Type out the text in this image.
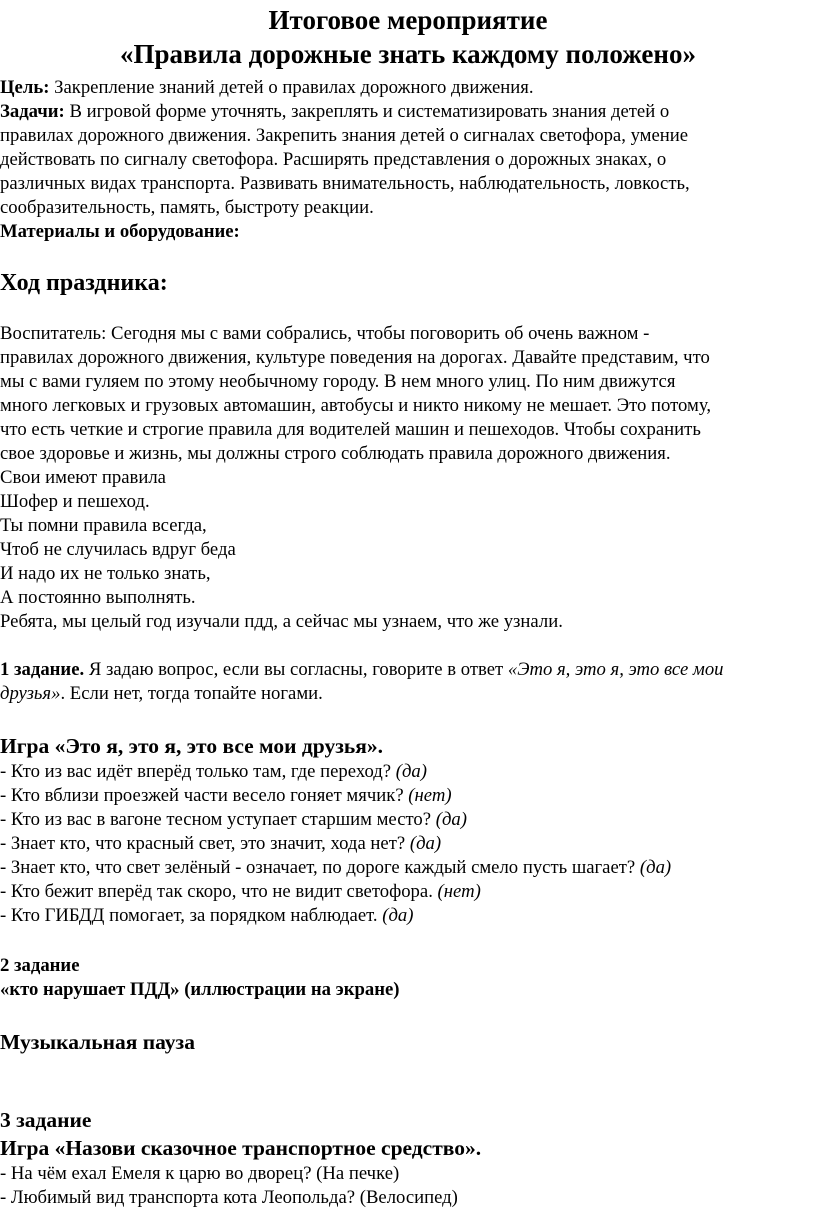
Итоговое мероприятие
«Правила дорожные знать каждому положено»
Цель: Закрепление знаний детей о правилах дорожного движения.
Задачи: В игровой форме уточнять, закреплять и систематизировать знания детей о
правилах дорожного движения. Закрепить знания детей о сигналах светофора, умение
действовать по сигналу светофора. Расширять представления о дорожных знаках, о
различных видах транспорта. Развивать внимательность, наблюдательность, ловкость,
сообразительность, память, быстроту реакции.
Материалы и оборудование:
Ход праздника:
Воспитатель: Сегодня мы с вами собрались, чтобы поговорить об очень важном -
правилах дорожного движения, культуре поведения на дорогах. Давайте представим, что
мы с вами гуляем по этому необычному городу. В нем много улиц. По ним движутся
много легковых и грузовых автомашин, автобусы и никто никому не мешает. Это потому,
что есть четкие и строгие правила для водителей машин и пешеходов. Чтобы сохранить
свое здоровье и жизнь, мы должны строго соблюдать правила дорожного движения.
Свои имеют правила
Шофер и пешеход.
Ты помни правила всегда,
Чтоб не случилась вдруг беда
И надо их не только знать,
А постоянно выполнять.
Ребята, мы целый год изучали пдд, а сейчас мы узнаем, что же узнали.
1 задание. Я задаю вопрос, если вы согласны, говорите в ответ «Это я, это я, это все мои
друзья». Если нет, тогда топайте ногами.
Игра «Это я, это я, это все мои друзья».
- Кто из вас идёт вперёд только там, где переход? (да)
- Кто вблизи проезжей части весело гоняет мячик? (нет)
- Кто из вас в вагоне тесном уступает старшим место? (да)
- Знает кто, что красный свет, это значит, хода нет? (да)
- Знает кто, что свет зелёный - означает, по дороге каждый смело пусть шагает? (да)
- Кто бежит вперёд так скоро, что не видит светофора. (нет)
- Кто ГИБДД помогает, за порядком наблюдает. (да)
2 задание
«кто нарушает ПДД» (иллюстрации на экране)
Музыкальная пауза
3 задание
Игра «Назови сказочное транспортное средство».
- На чём ехал Емеля к царю во дворец? (На печке)
- Любимый вид транспорта кота Леопольда? (Велосипед)
